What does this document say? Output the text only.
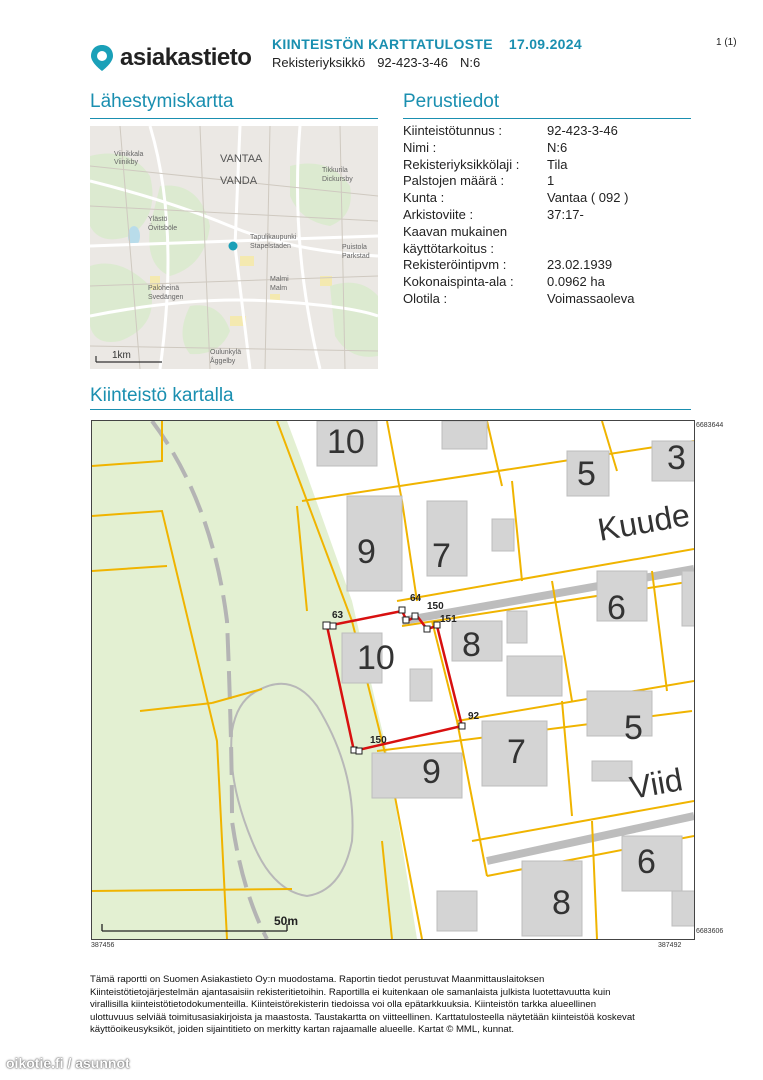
asiakastieto KIINTEISTÖN KARTTATULOSTE 17.09.2024
Rekisteriyksikkö 92-423-3-46 N:6
1 (1)
Lähestymiskartta	Perustiedot
Kiinteistötunnus :	92-423-3-46
Nimi :	N:6
Rekisteriyksikkölaji : Tila
Palstojen määrä :	1
Kunta :	Vantaa ( 092 )
Arkistoviite :	37:17-
Kaavan mukainen
käyttötarkoitus :
Rekisteröintipvm :	23.02.1939
Kokonaispinta-ala :	0.0962 ha
Olotila :	Voimassaoleva
Viinikkala
Viinikby	VANTAA
VANDA
Tikkurila
Dickursby
Ylästö
Övitsböle
Tapulikaupunki
Stapelstaden	Puistola
Parkstad
Paloheinä
Svedängen
Malmi
Malm
Oulunkylä
Åggelby
1km
Kiinteistö kartalla
10
5 3
9 7
6
10 8
5
9
7
6
8
Kuude
Viid
64
150
63	151
92
150
50m
6683644
6683606
387456	387492
Tämä raportti on Suomen Asiakastieto Oy:n muodostama. Raportin tiedot perustuvat Maanmittauslaitoksen
Kiinteistötietojärjestelmän ajantasaisiin rekisteritietoihin. Raportilla ei kuitenkaan ole samanlaista julkista luotettavuutta kuin
virallisilla kiinteistötietodokumenteilla. Kiinteistörekisterin tiedoissa voi olla epätarkkuuksia. Kiinteistön tarkka alueellinen
ulottuvuus selviää toimitusasiakirjoista ja maastosta. Taustakartta on viitteellinen. Karttatulosteella näytetään kiinteistöä koskevat
käyttöoikeusyksiköt, joiden sijaintitieto on merkitty kartan rajaamalle alueelle. Kartat © MML, kunnat.
oikotie.fi / asunnot
